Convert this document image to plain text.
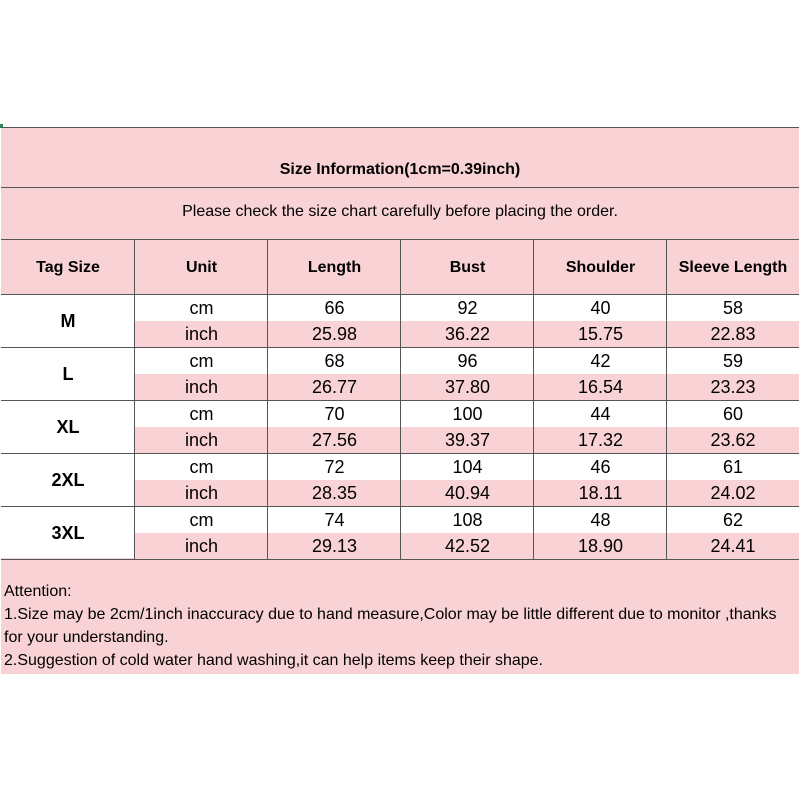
Size Information(1cm=0.39inch)
Please check the size chart carefully before placing the order.
Tag Size	Unit	Length	Bust	Shoulder	Sleeve Length
M
cm	66	92	40	58
inch	25.98	36.22	15.75	22.83
L
cm	68	96	42	59
inch	26.77	37.80	16.54	23.23
XL
cm	70	100	44	60
inch	27.56	39.37	17.32	23.62
2XL
cm	72	104	46	61
inch	28.35	40.94	18.11	24.02
3XL
cm	74	108	48	62
inch	29.13	42.52	18.90	24.41
Attention:
1.Size may be 2cm/1inch inaccuracy due to hand measure,Color may be little different due to monitor ,thanks for your understanding.
2.Suggestion of cold water hand washing,it can help items keep their shape.
